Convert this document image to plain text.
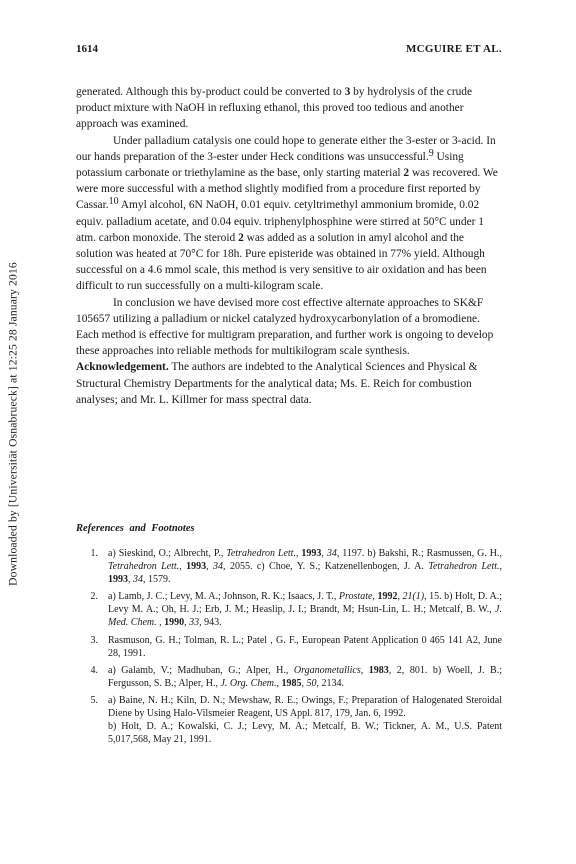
Downloaded by [Universität Osnabrueck] at 12:25 28 January 2016
1614	MCGUIRE ET AL.

generated. Although this by-product could be converted to 3 by hydrolysis of the crude product mixture with NaOH in refluxing ethanol, this proved too tedious and another approach was examined.

Under palladium catalysis one could hope to generate either the 3-ester or 3-acid. In our hands preparation of the 3-ester under Heck conditions was unsuccessful.9 Using potassium carbonate or triethylamine as the base, only starting material 2 was recovered. We were more successful with a method slightly modified from a procedure first reported by Cassar.10 Amyl alcohol, 6N NaOH, 0.01 equiv. cetyltrimethyl ammonium bromide, 0.02 equiv. palladium acetate, and 0.04 equiv. triphenylphosphine were stirred at 50°C under 1 atm. carbon monoxide. The steroid 2 was added as a solution in amyl alcohol and the solution was heated at 70°C for 18h. Pure episteride was obtained in 77% yield. Although successful on a 4.6 mmol scale, this method is very sensitive to air oxidation and has been difficult to run successfully on a multi-kilogram scale.

In conclusion we have devised more cost effective alternate approaches to SK&F 105657 utilizing a palladium or nickel catalyzed hydroxycarbonylation of a bromodiene. Each method is effective for multigram preparation, and further work is ongoing to develop these approaches into reliable methods for multikilogram scale synthesis.

Acknowledgement. The authors are indebted to the Analytical Sciences and Physical & Structural Chemistry Departments for the analytical data; Ms. E. Reich for combustion analyses; and Mr. L. Killmer for mass spectral data.

References and Footnotes
1.	a) Sieskind, O.; Albrecht, P., Tetrahedron Lett., 1993, 34, 1197. b) Bakshi, R.; Rasmussen, G. H., Tetrahedron Lett., 1993, 34, 2055. c) Choe, Y. S.; Katzenellenbogen, J. A. Tetrahedron Lett., 1993, 34, 1579.
2.	a) Lamb, J. C.; Levy, M. A.; Johnson, R. K.; Isaacs, J. T., Prostate, 1992, 21(1), 15. b) Holt, D. A.; Levy M. A.; Oh, H. J.; Erb, J. M.; Heaslip, J. I.; Brandt, M; Hsun-Lin, L. H.; Metcalf, B. W., J. Med. Chem. , 1990, 33, 943.
3.	Rasmuson, G. H.; Tolman, R. L.; Patel , G. F., European Patent Application 0 465 141 A2, June 28, 1991.
4.	a) Galamb, V.; Madhuban, G.; Alper, H., Organometallics, 1983, 2, 801. b) Woell, J. B.; Fergusson, S. B.; Alper, H., J. Org. Chem., 1985, 50, 2134.
5.	a) Baine, N. H.; Kiln, D. N.; Mewshaw, R. E.; Owings, F.; Preparation of Halogenated Steroidal Diene by Using Halo-Vilsmeier Reagent, US Appl. 817, 179, Jan. 6, 1992.
b) Holt, D. A.; Kowalski, C. J.; Levy, M. A.; Metcalf, B. W.; Tickner, A. M., U.S. Patent 5,017,568, May 21, 1991.
